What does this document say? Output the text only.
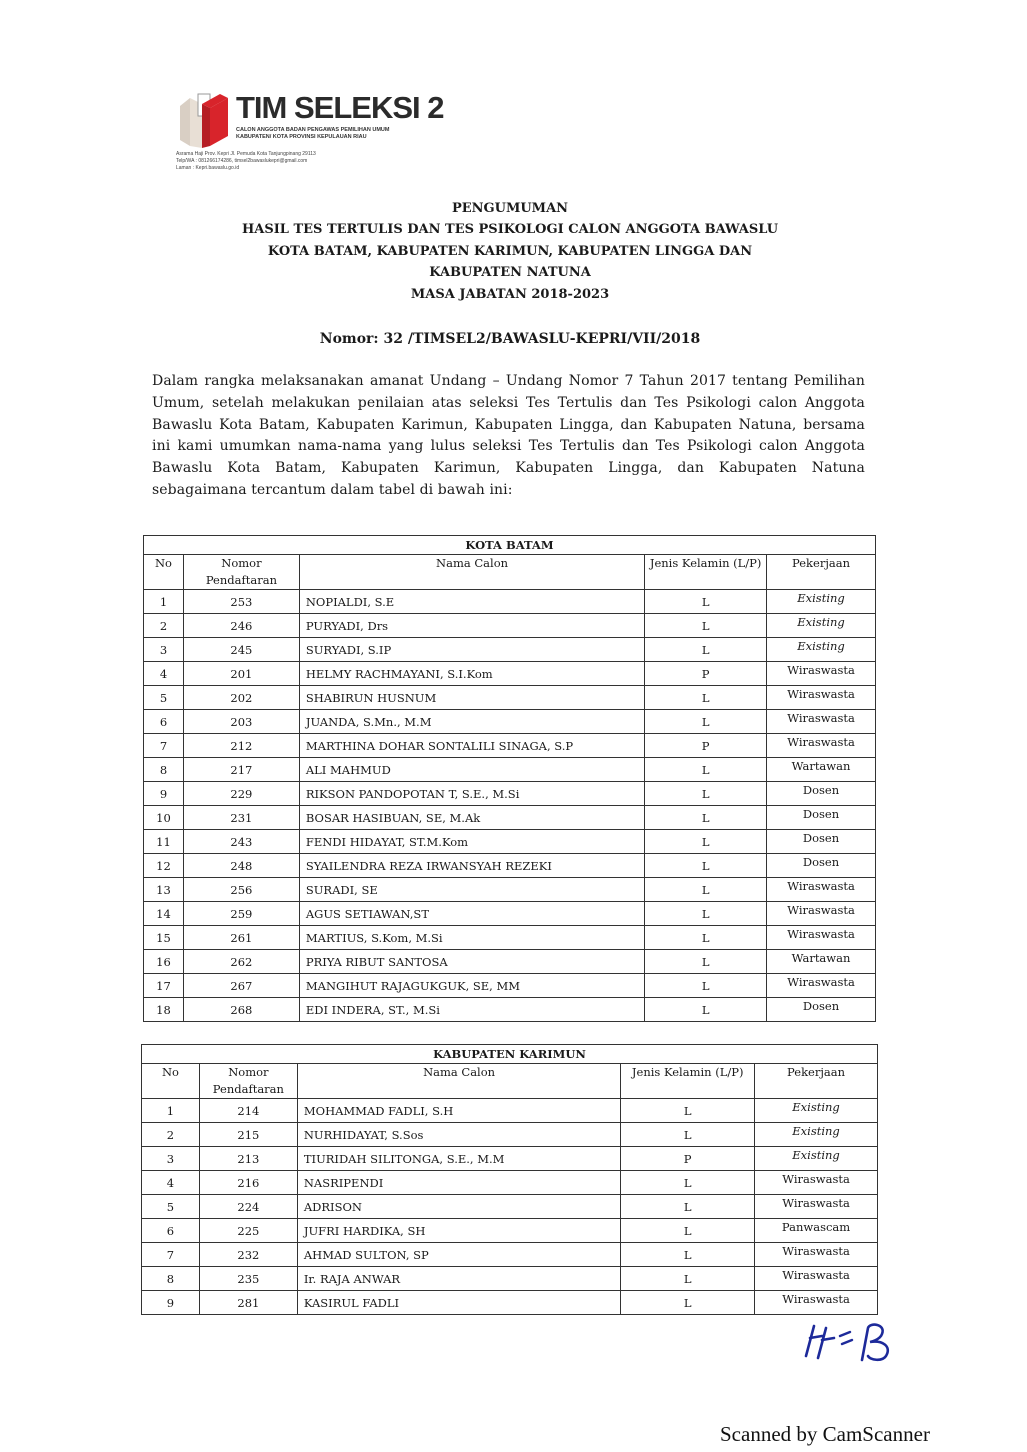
TIM SELEKSI 2
CALON ANGGOTA BADAN PENGAWAS PEMILIHAN UMUM
KABUPATEN/ KOTA PROVINSI KEPULAUAN RIAU
Asrama Haji Prov. Kepri Jl. Pemuda Kota Tanjungpinang 29113
Telp/WA : 081266174286, timsel2bawaslukepri@gmail.com
Laman : Kepri.bawaslu.go.id
PENGUMUMAN
HASIL TES TERTULIS DAN TES PSIKOLOGI CALON ANGGOTA BAWASLU
KOTA BATAM, KABUPATEN KARIMUN, KABUPATEN LINGGA DAN
KABUPATEN NATUNA
MASA JABATAN 2018-2023
Nomor: 32 /TIMSEL2/BAWASLU-KEPRI/VII/2018
Dalam rangka melaksanakan amanat Undang – Undang Nomor 7 Tahun 2017 tentang Pemilihan Umum, setelah melakukan penilaian atas seleksi Tes Tertulis dan Tes Psikologi calon Anggota Bawaslu Kota Batam, Kabupaten Karimun, Kabupaten Lingga, dan Kabupaten Natuna, bersama ini kami umumkan nama-nama yang lulus seleksi Tes Tertulis dan Tes Psikologi calon Anggota Bawaslu Kota Batam, Kabupaten Karimun, Kabupaten Lingga, dan Kabupaten Natuna sebagaimana tercantum dalam tabel di bawah ini:
KOTA BATAM				
No	Nomor Pendaftaran	Nama Calon	Jenis Kelamin (L/P)	Pekerjaan
1	253	NOPIALDI, S.E	L	Existing
2	246	PURYADI, Drs	L	Existing
3	245	SURYADI, S.IP	L	Existing
4	201	HELMY RACHMAYANI, S.I.Kom	P	Wiraswasta
5	202	SHABIRUN HUSNUM	L	Wiraswasta
6	203	JUANDA, S.Mn., M.M	L	Wiraswasta
7	212	MARTHINA DOHAR SONTALILI SINAGA, S.P	P	Wiraswasta
8	217	ALI MAHMUD	L	Wartawan
9	229	RIKSON PANDOPOTAN T, S.E., M.Si	L	Dosen
10	231	BOSAR HASIBUAN, SE, M.Ak	L	Dosen
11	243	FENDI HIDAYAT, ST.M.Kom	L	Dosen
12	248	SYAILENDRA REZA IRWANSYAH REZEKI	L	Dosen
13	256	SURADI, SE	L	Wiraswasta
14	259	AGUS SETIAWAN,ST	L	Wiraswasta
15	261	MARTIUS, S.Kom, M.Si	L	Wiraswasta
16	262	PRIYA RIBUT SANTOSA	L	Wartawan
17	267	MANGIHUT RAJAGUKGUK, SE, MM	L	Wiraswasta
18	268	EDI INDERA, ST., M.Si	L	Dosen
KABUPATEN KARIMUN				
No	Nomor Pendaftaran	Nama Calon	Jenis Kelamin (L/P)	Pekerjaan
1	214	MOHAMMAD FADLI, S.H	L	Existing
2	215	NURHIDAYAT, S.Sos	L	Existing
3	213	TIURIDAH SILITONGA, S.E., M.M	P	Existing
4	216	NASRIPENDI	L	Wiraswasta
5	224	ADRISON	L	Wiraswasta
6	225	JUFRI HARDIKA, SH	L	Panwascam
7	232	AHMAD SULTON, SP	L	Wiraswasta
8	235	Ir. RAJA ANWAR	L	Wiraswasta
9	281	KASIRUL FADLI	L	Wiraswasta
Scanned by CamScanner
